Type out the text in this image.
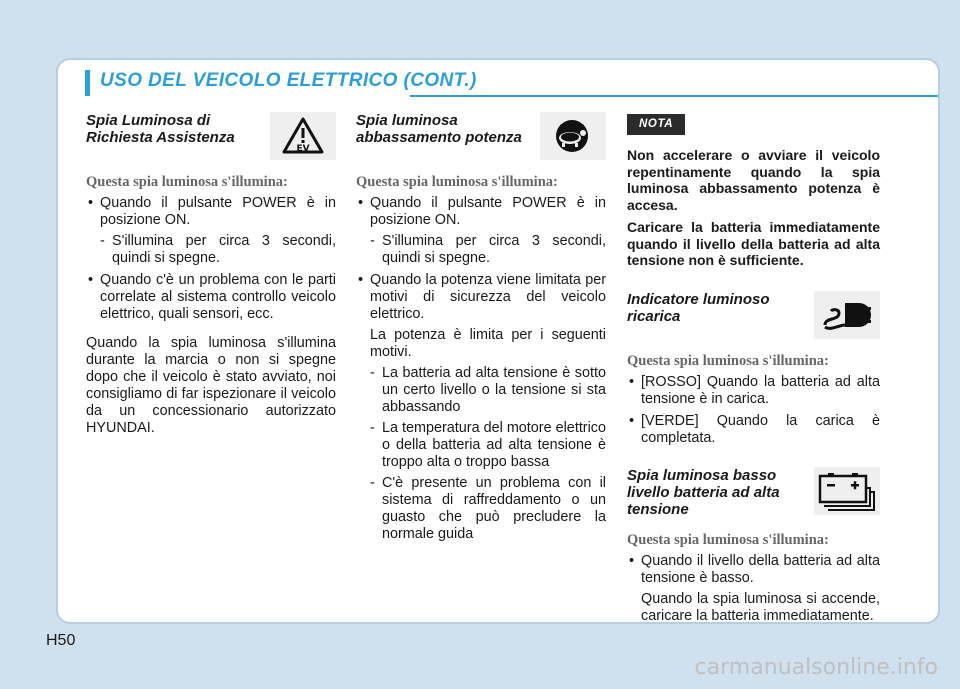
USO DEL VEICOLO ELETTRICO (CONT.)
Spia Luminosa di Richiesta Assistenza
EV
Questa spia luminosa s'illumina:
• Quando il pulsante POWER è in posizione ON.
- S'illumina per circa 3 secondi, quindi si spegne.
• Quando c'è un problema con le parti correlate al sistema controllo veicolo elettrico, quali sensori, ecc.

Quando la spia luminosa s'illumina durante la marcia o non si spegne dopo che il veicolo è stato avviato, noi consigliamo di far ispezionare il veicolo da un concessionario autorizzato HYUNDAI.

Spia luminosa abbassamento potenza
Questa spia luminosa s'illumina:
• Quando il pulsante POWER è in posizione ON.
- S'illumina per circa 3 secondi, quindi si spegne.
• Quando la potenza viene limitata per motivi di sicurezza del veicolo elettrico.

La potenza è limita per i seguenti motivi.

- La batteria ad alta tensione è sotto un certo livello o la tensione si sta abbassando
- La temperatura del motore elettrico o della batteria ad alta tensione è troppo alta o troppo bassa
- C'è presente un problema con il sistema di raffreddamento o un guasto che può precludere la normale guida
NOTA

Non accelerare o avviare il veicolo repentinamente quando la spia luminosa abbassamento potenza è accesa.

Caricare la batteria immediatamente quando il livello della batteria ad alta tensione non è sufficiente.

Indicatore luminoso ricarica
Questa spia luminosa s'illumina:
• [ROSSO] Quando la batteria ad alta tensione è in carica.
• [VERDE] Quando la carica è completata.
Spia luminosa basso livello batteria ad alta tensione
Questa spia luminosa s'illumina:
• Quando il livello della batteria ad alta tensione è basso.

Quando la spia luminosa si accende, caricare la batteria immediatamente.

H50
carmanualsonline.info
